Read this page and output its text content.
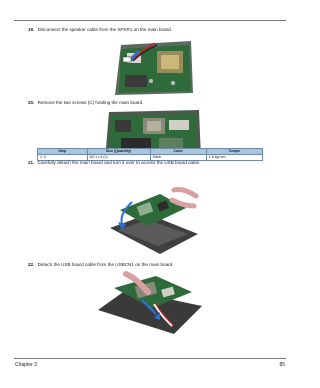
19. Disconnect the speaker cable from the SPKR1 on the main board.
20. Remove the two screws (C) holding the main board.
Step	Size (Quantity)	Color	Torque
1~2	M2 x L4 (2)	Silver	1.6 kgf-cm
21. Carefully detach the main board and turn it over to access the USB board cable.
22. Detach the USB board cable from the USBCN1 on the main board.
Chapter 3	85
